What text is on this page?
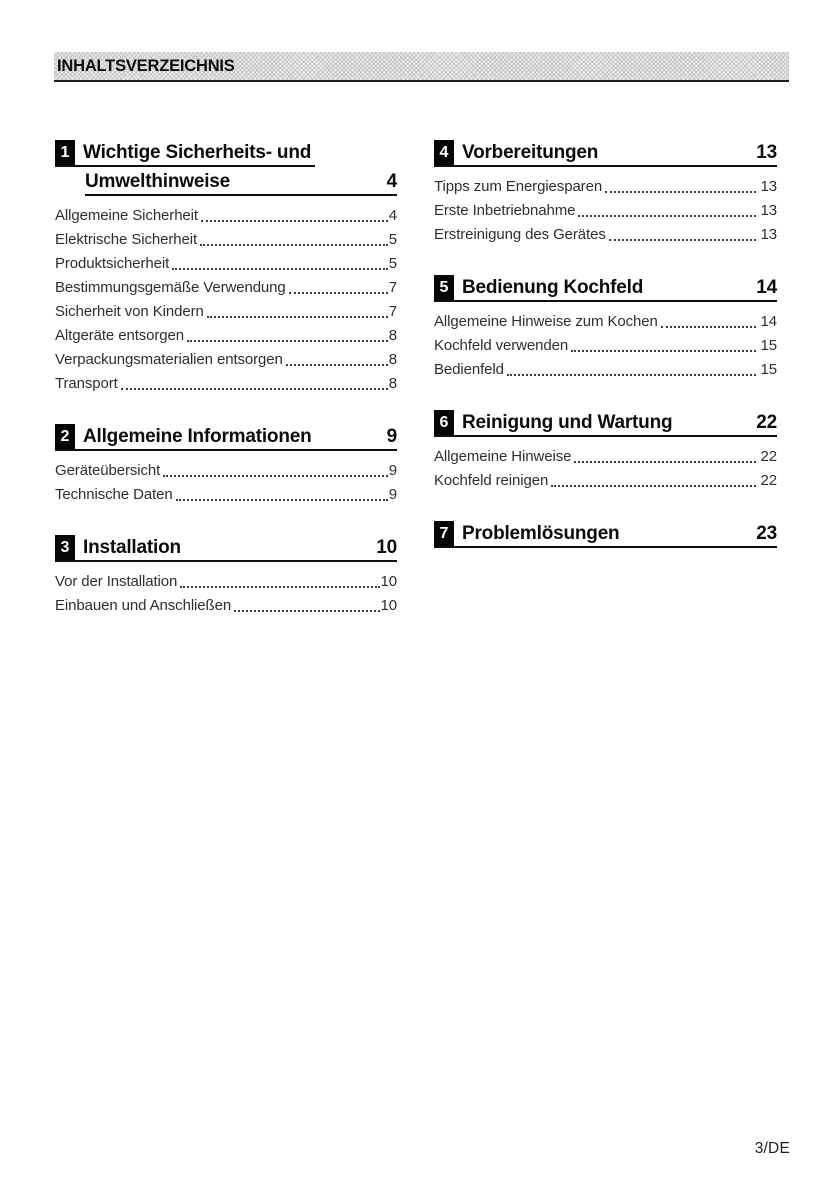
INHALTSVERZEICHNIS
1 Wichtige Sicherheits- und
Umwelthinweise	4
Allgemeine Sicherheit	4
Elektrische Sicherheit	5
Produktsicherheit	5
Bestimmungsgemäße Verwendung	7
Sicherheit von Kindern	7
Altgeräte entsorgen	8
Verpackungsmaterialien entsorgen	8
Transport	8
2 Allgemeine Informationen	9
Geräteübersicht	9
Technische Daten	9
3 Installation	10
Vor der Installation	10
Einbauen und Anschließen	10
4 Vorbereitungen	13
Tipps zum Energiesparen	13
Erste Inbetriebnahme	13
Erstreinigung des Gerätes	13
5 Bedienung Kochfeld	14
Allgemeine Hinweise zum Kochen	14
Kochfeld verwenden	15
Bedienfeld	15
6 Reinigung und Wartung	22
Allgemeine Hinweise	22
Kochfeld reinigen	22
7 Problemlösungen	23
3/DE
